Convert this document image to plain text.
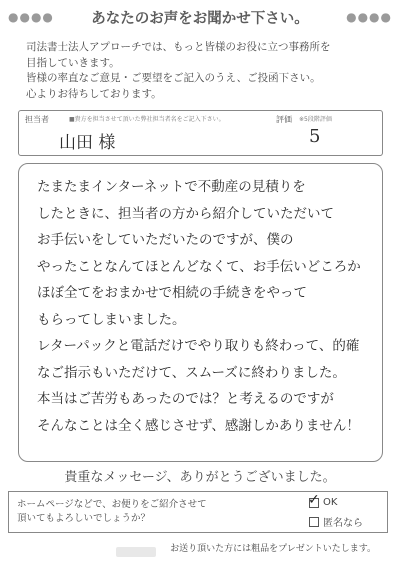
●●●●	あなたのお声をお聞かせ下さい。	●●●●

司法書士法人アプローチでは、もっと皆様のお役に立つ事務所を

目指していきます。

皆様の率直なご意見・ご要望をご記入のうえ、ご投函下さい。

心よりお待ちしております。

担当者	■貴方を担当させて頂いた弊社担当者名をご記入下さい。	評価 ※5段階評価
山田 様	5
たまたまインターネットで不動産の見積りを
したときに、担当者の方から紹介していただいて
お手伝いをしていただいたのですが、僕の
やったことなんてほとんどなくて、お手伝いどころか
ほぼ全てをおまかせで相続の手続きをやって
もらってしまいました。
レターパックと電話だけでやり取りも終わって、的確
なご指示もいただけて、スムーズに終わりました。
本当はご苦労もあったのでは？と考えるのですが
そんなことは全く感じさせず、感謝しかありません！
貴重なメッセージ、ありがとうございました。

ホームページなどで、お便りをご紹介させて

頂いてもよろしいでしょうか？

✓ OK
匿名なら
お送り頂いた方には粗品をプレゼントいたします。
